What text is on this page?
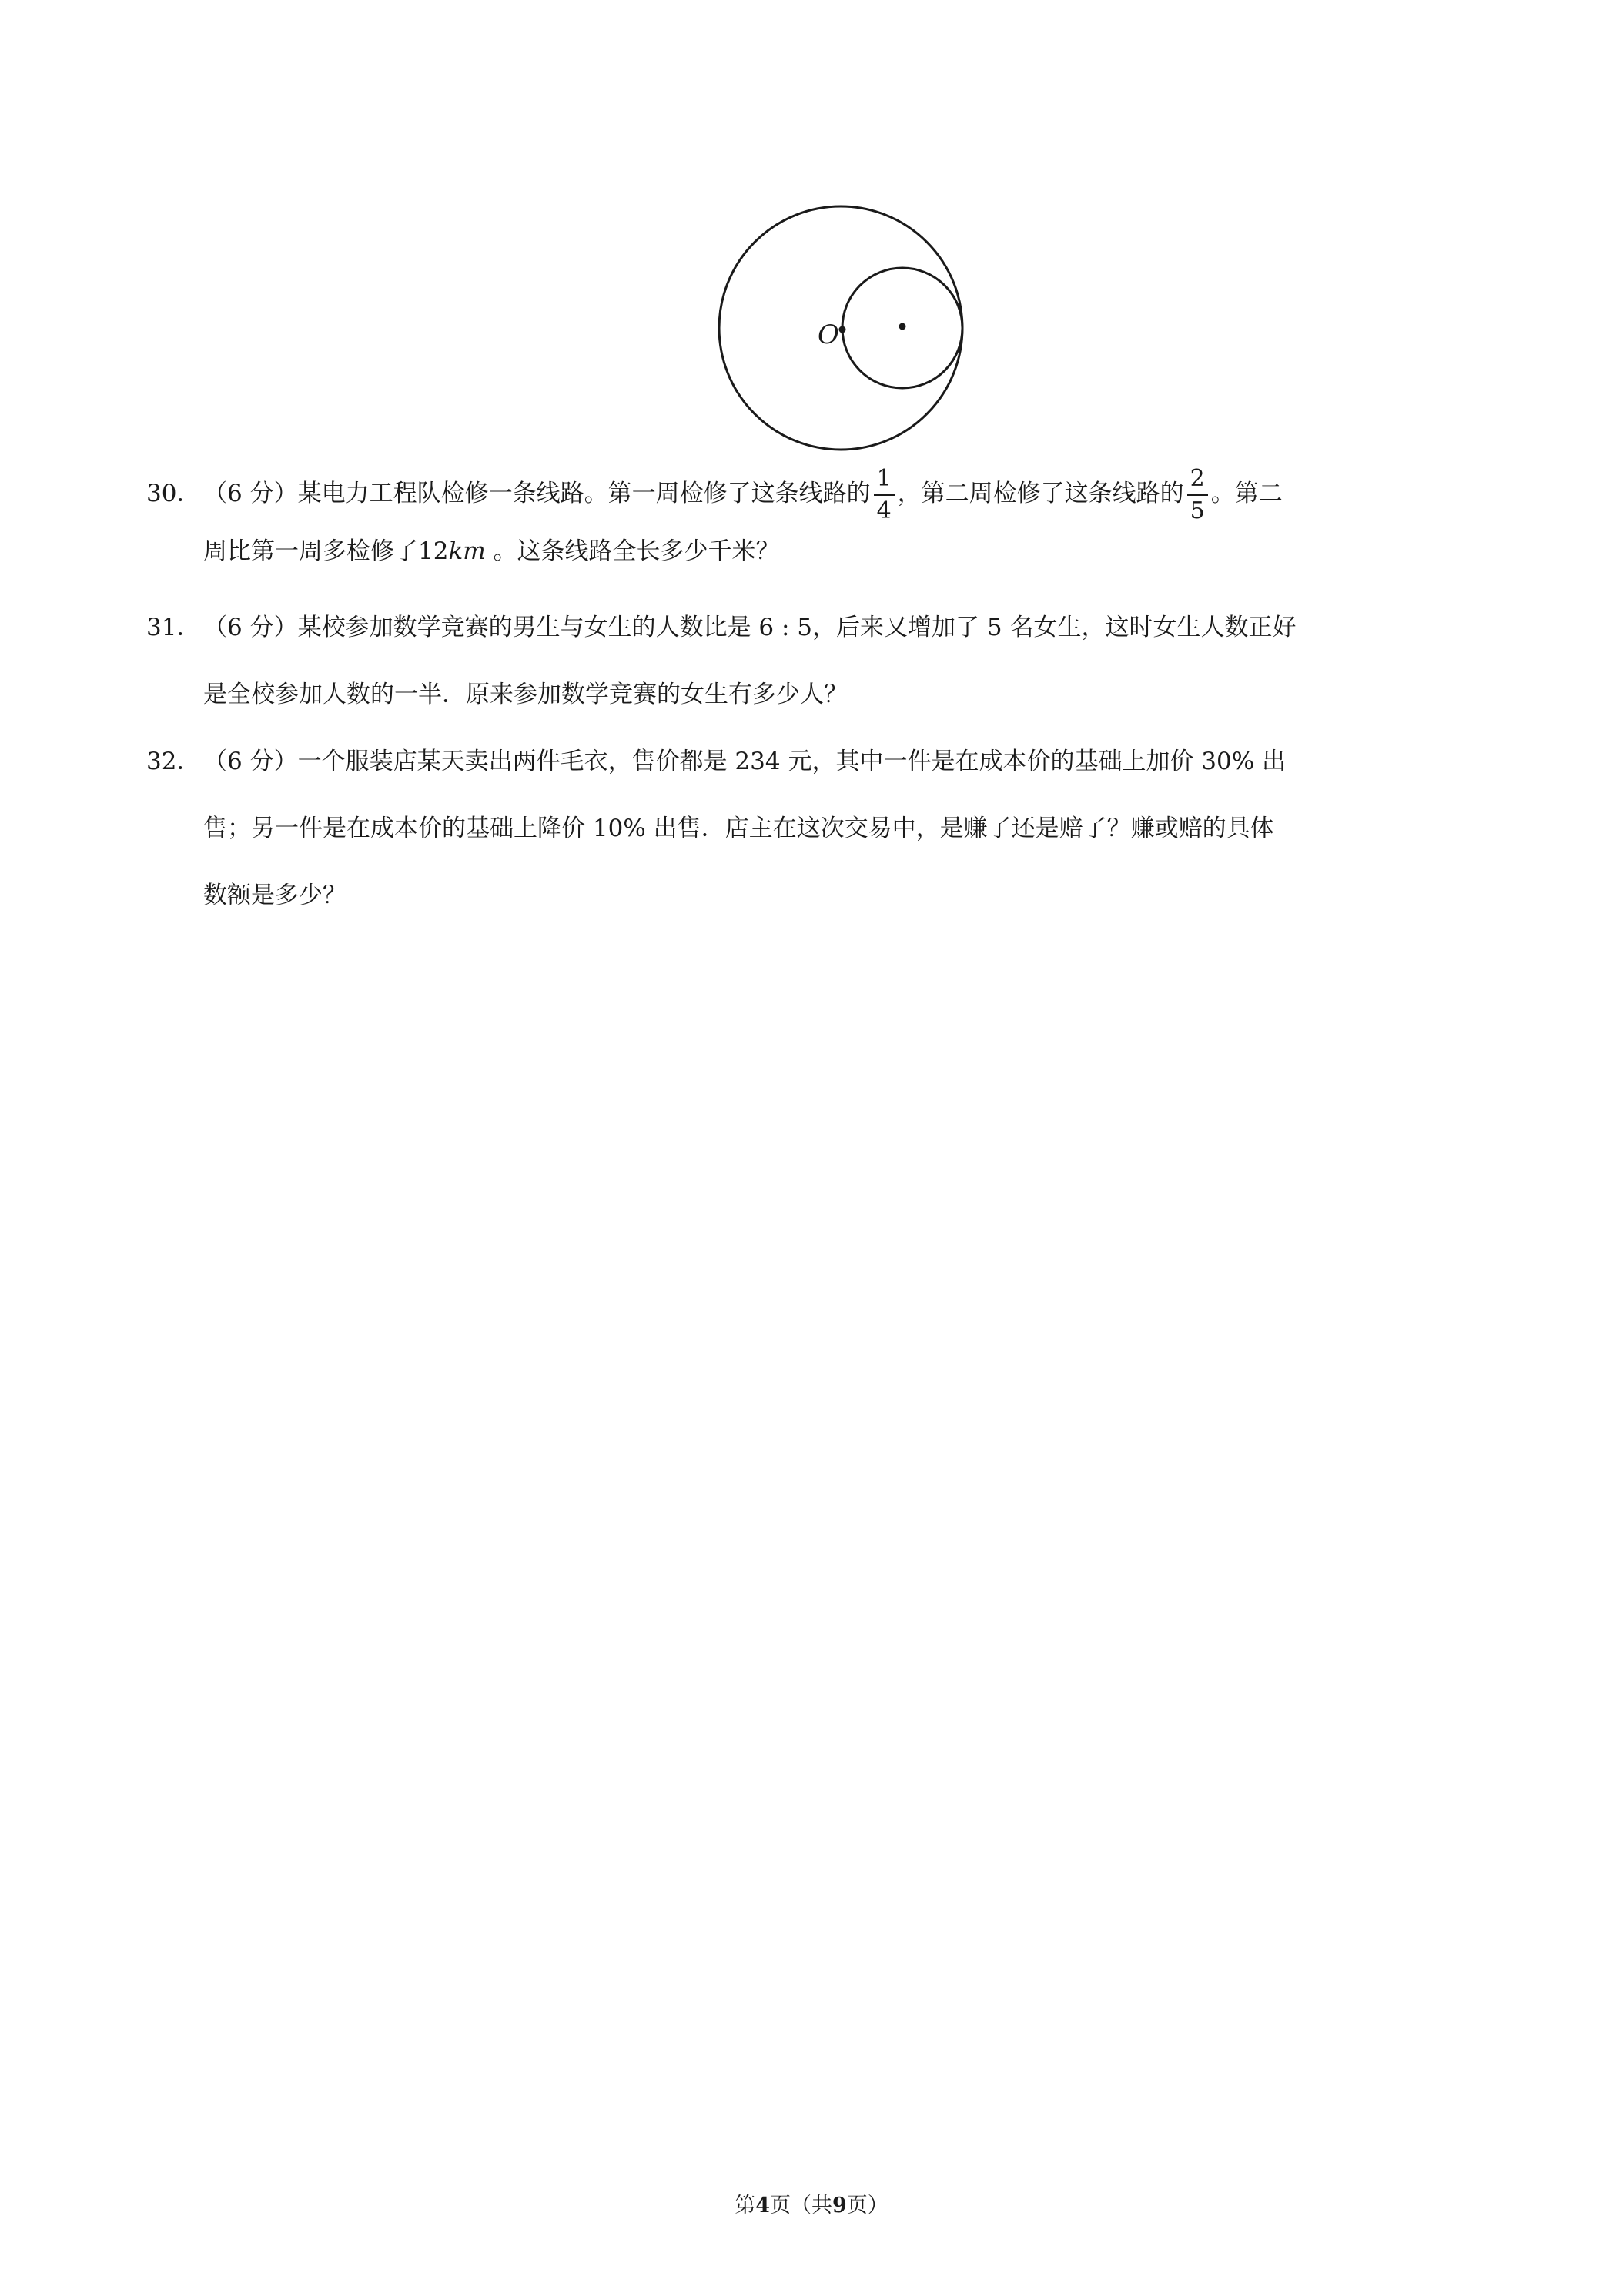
O
30． （6 分）某电力工程队检修一条线路。第一周检修了这条线路的 $\frac{1}{4}$ ，第二周检修了这条线路的 $\frac{2}{5}$ 。第二
周比第一周多检修了12km 。这条线路全长多少千米？
31． （6 分）某校参加数学竞赛的男生与女生的人数比是 6 : 5，后来又增加了 5 名女生，这时女生人数正好
是全校参加人数的一半．原来参加数学竞赛的女生有多少人？
32． （6 分）一个服装店某天卖出两件毛衣，售价都是 234 元，其中一件是在成本价的基础上加价 30% 出
售；另一件是在成本价的基础上降价 10% 出售．店主在这次交易中，是赚了还是赔了？赚或赔的具体
数额是多少？
第4页（共9页）
